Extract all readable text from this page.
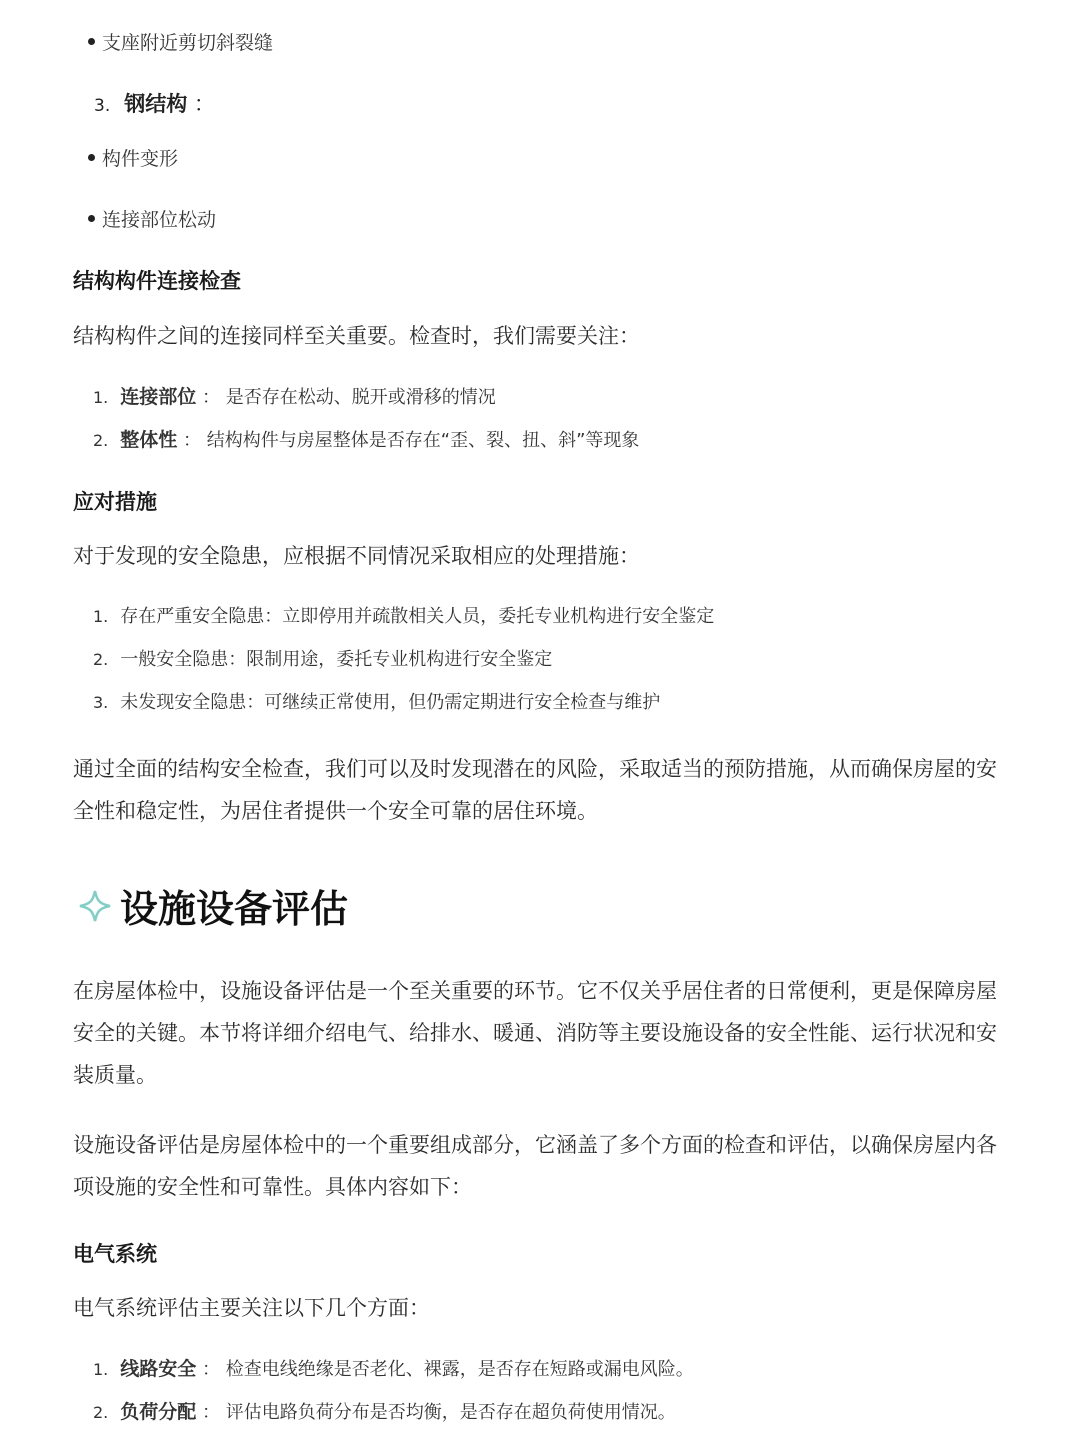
支座附近剪切斜裂缝
3. 钢结构 ：
构件变形
连接部位松动
结构构件连接检查
结构构件之间的连接同样至关重要。检查时，我们需要关注：
1. 连接部位 ： 是否存在松动、脱开或滑移的情况
2. 整体性 ： 结构构件与房屋整体是否存在“歪、裂、扭、斜”等现象
应对措施
对于发现的安全隐患，应根据不同情况采取相应的处理措施：
1. 存在严重安全隐患：立即停用并疏散相关人员，委托专业机构进行安全鉴定
2. 一般安全隐患：限制用途，委托专业机构进行安全鉴定
3. 未发现安全隐患：可继续正常使用，但仍需定期进行安全检查与维护
通过全面的结构安全检查，我们可以及时发现潜在的风险，采取适当的预防措施，从而确保房屋的安全性和稳定性，为居住者提供一个安全可靠的居住环境。
设施设备评估
在房屋体检中，设施设备评估是一个至关重要的环节。它不仅关乎居住者的日常便利，更是保障房屋安全的关键。本节将详细介绍电气、给排水、暖通、消防等主要设施设备的安全性能、运行状况和安装质量。
设施设备评估是房屋体检中的一个重要组成部分，它涵盖了多个方面的检查和评估，以确保房屋内各项设施的安全性和可靠性。具体内容如下：
电气系统
电气系统评估主要关注以下几个方面：
1. 线路安全 ： 检查电线绝缘是否老化、裸露，是否存在短路或漏电风险。
2. 负荷分配 ： 评估电路负荷分布是否均衡，是否存在超负荷使用情况。
